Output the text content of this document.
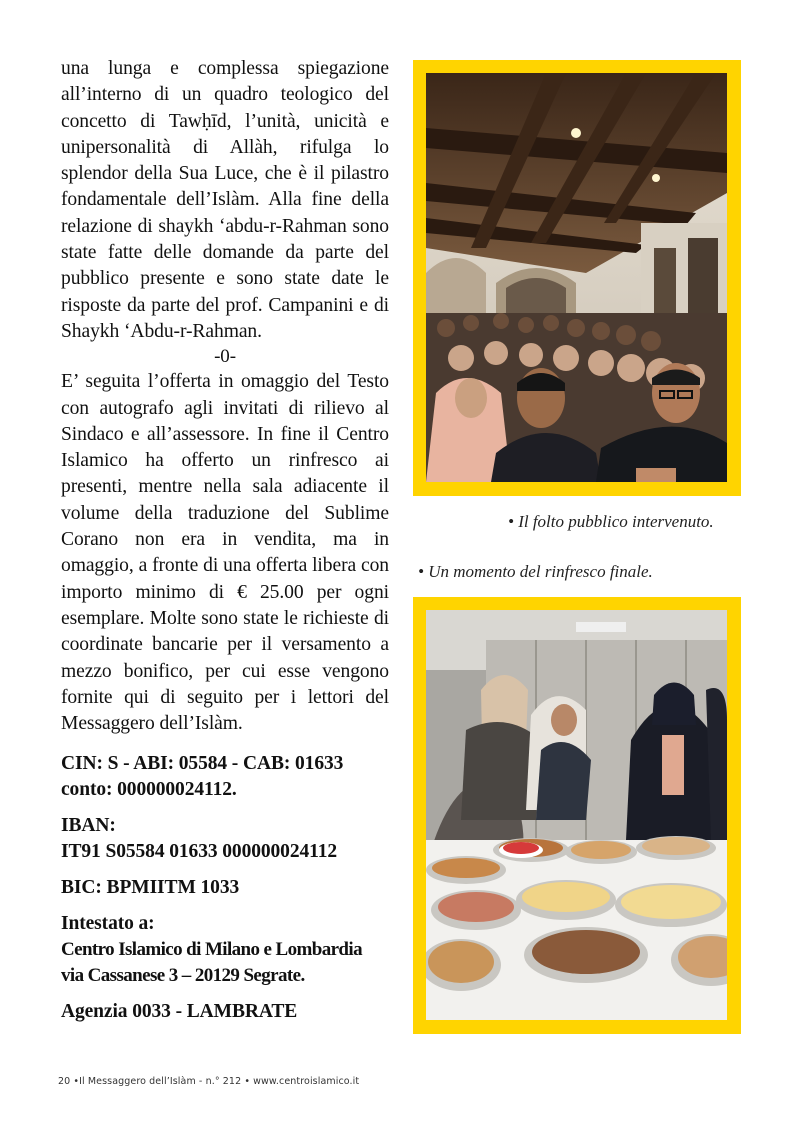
una lunga e complessa spiegazione all’interno di un quadro teologico del concetto di Tawḥīd, l’unità, unicità e unipersonalità di Allàh, rifulga lo splendor della Sua Luce, che è il pilastro fondamentale dell’Islàm. Alla fine della relazione di shaykh ‘abdu-r-Rahman sono state fatte delle domande da parte del pubblico presente e sono state date le risposte da parte del prof. Campanini e di Shaykh ‘Abdu-r-Rahman.

-0-

E’ seguita l’offerta in omaggio del Testo con autografo agli invitati di rilievo al Sindaco e all’assessore. In fine il Centro Islamico ha offerto un rinfresco ai presenti, mentre nella sala adiacente il volume della traduzione del Sublime Corano non era in vendita, ma in omaggio, a fronte di una offerta libera con importo minimo di € 25.00 per ogni esemplare. Molte sono state le richieste di coordinate bancarie per il versamento a mezzo bonifico, per cui esse vengono fornite qui di seguito per i lettori del Messaggero dell’Islàm.

CIN: S - ABI: 05584 - CAB: 01633

conto: 000000024112.

IBAN:

IT91 S05584 01633 000000024112

BIC: BPMIITM 1033

Intestato a:

Centro Islamico di Milano e Lombardia

via Cassanese 3 – 20129 Segrate.

Agenzia 0033 - LAMBRATE

• Il folto pubblico intervenuto.
• Un momento del rinfresco finale.
20 •Il Messaggero dell’Islàm - n.° 212 • www.centroislamico.it
